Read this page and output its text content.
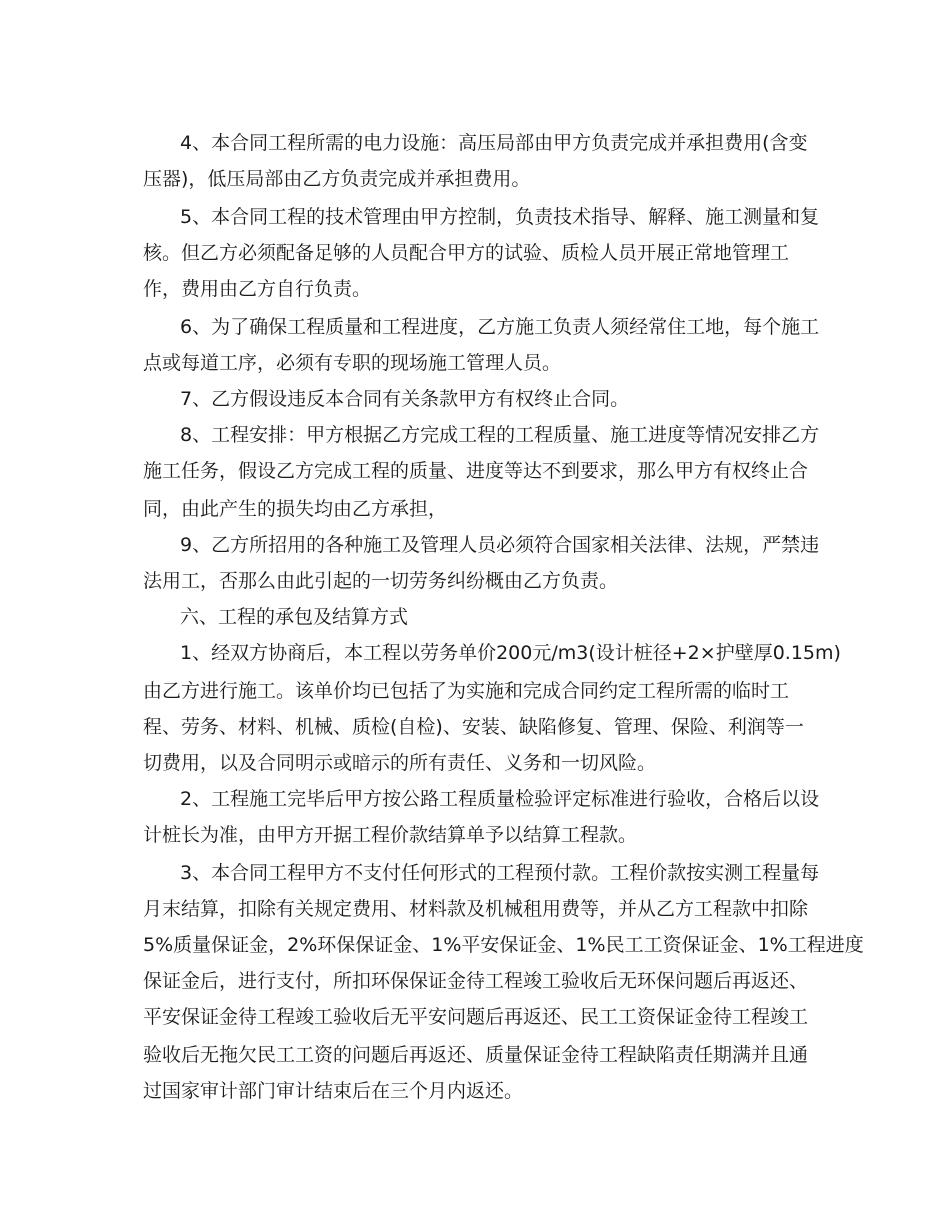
4、本合同工程所需的电力设施：高压局部由甲方负责完成并承担费用(含变
压器)，低压局部由乙方负责完成并承担费用。
5、本合同工程的技术管理由甲方控制，负责技术指导、解释、施工测量和复
核。但乙方必须配备足够的人员配合甲方的试验、质检人员开展正常地管理工
作，费用由乙方自行负责。
6、为了确保工程质量和工程进度，乙方施工负责人须经常住工地，每个施工
点或每道工序，必须有专职的现场施工管理人员。
7、乙方假设违反本合同有关条款甲方有权终止合同。
8、工程安排：甲方根据乙方完成工程的工程质量、施工进度等情况安排乙方
施工任务，假设乙方完成工程的质量、进度等达不到要求，那么甲方有权终止合
同，由此产生的损失均由乙方承担，
9、乙方所招用的各种施工及管理人员必须符合国家相关法律、法规，严禁违
法用工，否那么由此引起的一切劳务纠纷概由乙方负责。
六、工程的承包及结算方式
1、经双方协商后，本工程以劳务单价200元/m3(设计桩径+2×护壁厚0.15m)
由乙方进行施工。该单价均已包括了为实施和完成合同约定工程所需的临时工
程、劳务、材料、机械、质检(自检)、安装、缺陷修复、管理、保险、利润等一
切费用，以及合同明示或暗示的所有责任、义务和一切风险。
2、工程施工完毕后甲方按公路工程质量检验评定标准进行验收，合格后以设
计桩长为准，由甲方开据工程价款结算单予以结算工程款。
3、本合同工程甲方不支付任何形式的工程预付款。工程价款按实测工程量每
月末结算，扣除有关规定费用、材料款及机械租用费等，并从乙方工程款中扣除
5%质量保证金，2%环保保证金、1%平安保证金、1%民工工资保证金、1%工程进度
保证金后，进行支付，所扣环保保证金待工程竣工验收后无环保问题后再返还、
平安保证金待工程竣工验收后无平安问题后再返还、民工工资保证金待工程竣工
验收后无拖欠民工工资的问题后再返还、质量保证金待工程缺陷责任期满并且通
过国家审计部门审计结束后在三个月内返还。
